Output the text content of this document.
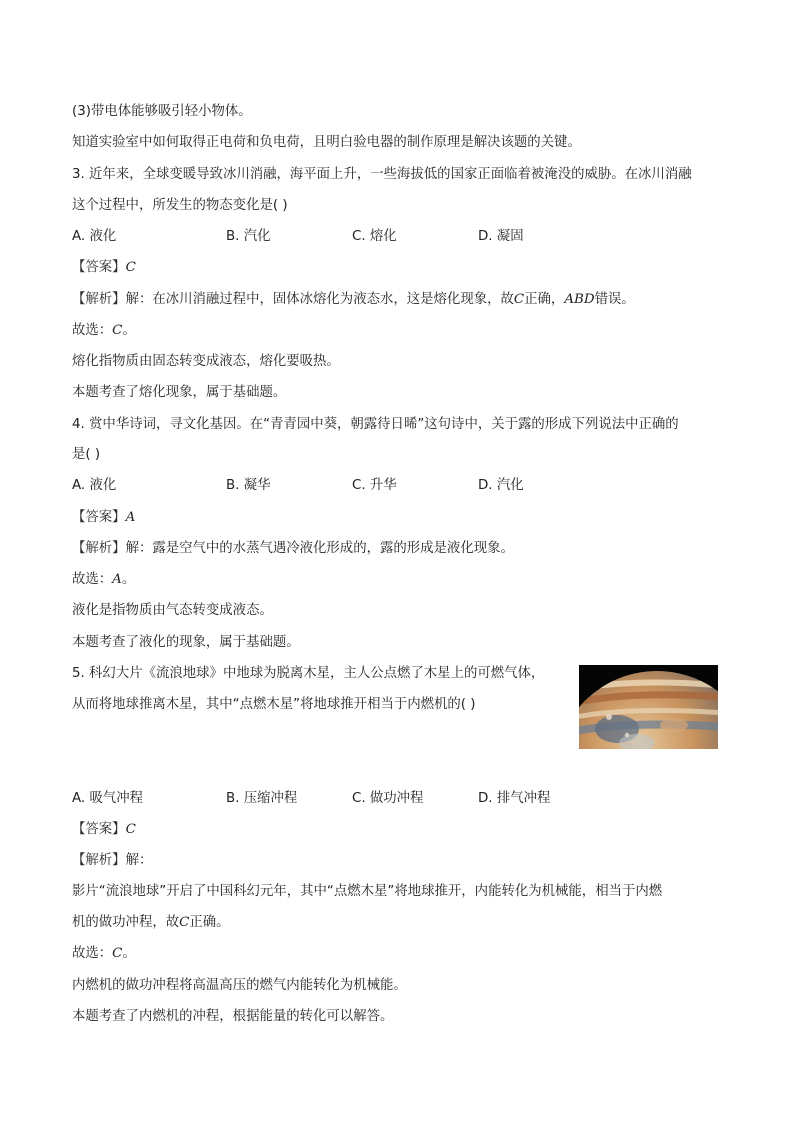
(3)带电体能够吸引轻小物体。
知道实验室中如何取得正电荷和负电荷，且明白验电器的制作原理是解决该题的关键。
3. 近年来，全球变暖导致冰川消融，海平面上升，一些海拔低的国家正面临着被淹没的威胁。在冰川消融
这个过程中，所发生的物态变化是( )
A. 液化	B. 汽化	C. 熔化	D. 凝固
【答案】C
【解析】解：在冰川消融过程中，固体冰熔化为液态水，这是熔化现象，故C正确，ABD错误。
故选：C。
熔化指物质由固态转变成液态，熔化要吸热。
本题考查了熔化现象，属于基础题。
4. 赏中华诗词，寻文化基因。在“青青园中葵，朝露待日晞”这句诗中，关于露的形成下列说法中正确的
是( )
A. 液化	B. 凝华	C. 升华	D. 汽化
【答案】A
【解析】解：露是空气中的水蒸气遇冷液化形成的，露的形成是液化现象。
故选：A。
液化是指物质由气态转变成液态。
本题考查了液化的现象，属于基础题。
5. 科幻大片《流浪地球》中地球为脱离木星，主人公点燃了木星上的可燃气体，
从而将地球推离木星，其中“点燃木星”将地球推开相当于内燃机的( )
A. 吸气冲程	B. 压缩冲程	C. 做功冲程	D. 排气冲程
【答案】C
【解析】解：
影片“流浪地球”开启了中国科幻元年，其中“点燃木星”将地球推开，内能转化为机械能，相当于内燃
机的做功冲程，故C正确。
故选：C。
内燃机的做功冲程将高温高压的燃气内能转化为机械能。
本题考查了内燃机的冲程，根据能量的转化可以解答。
